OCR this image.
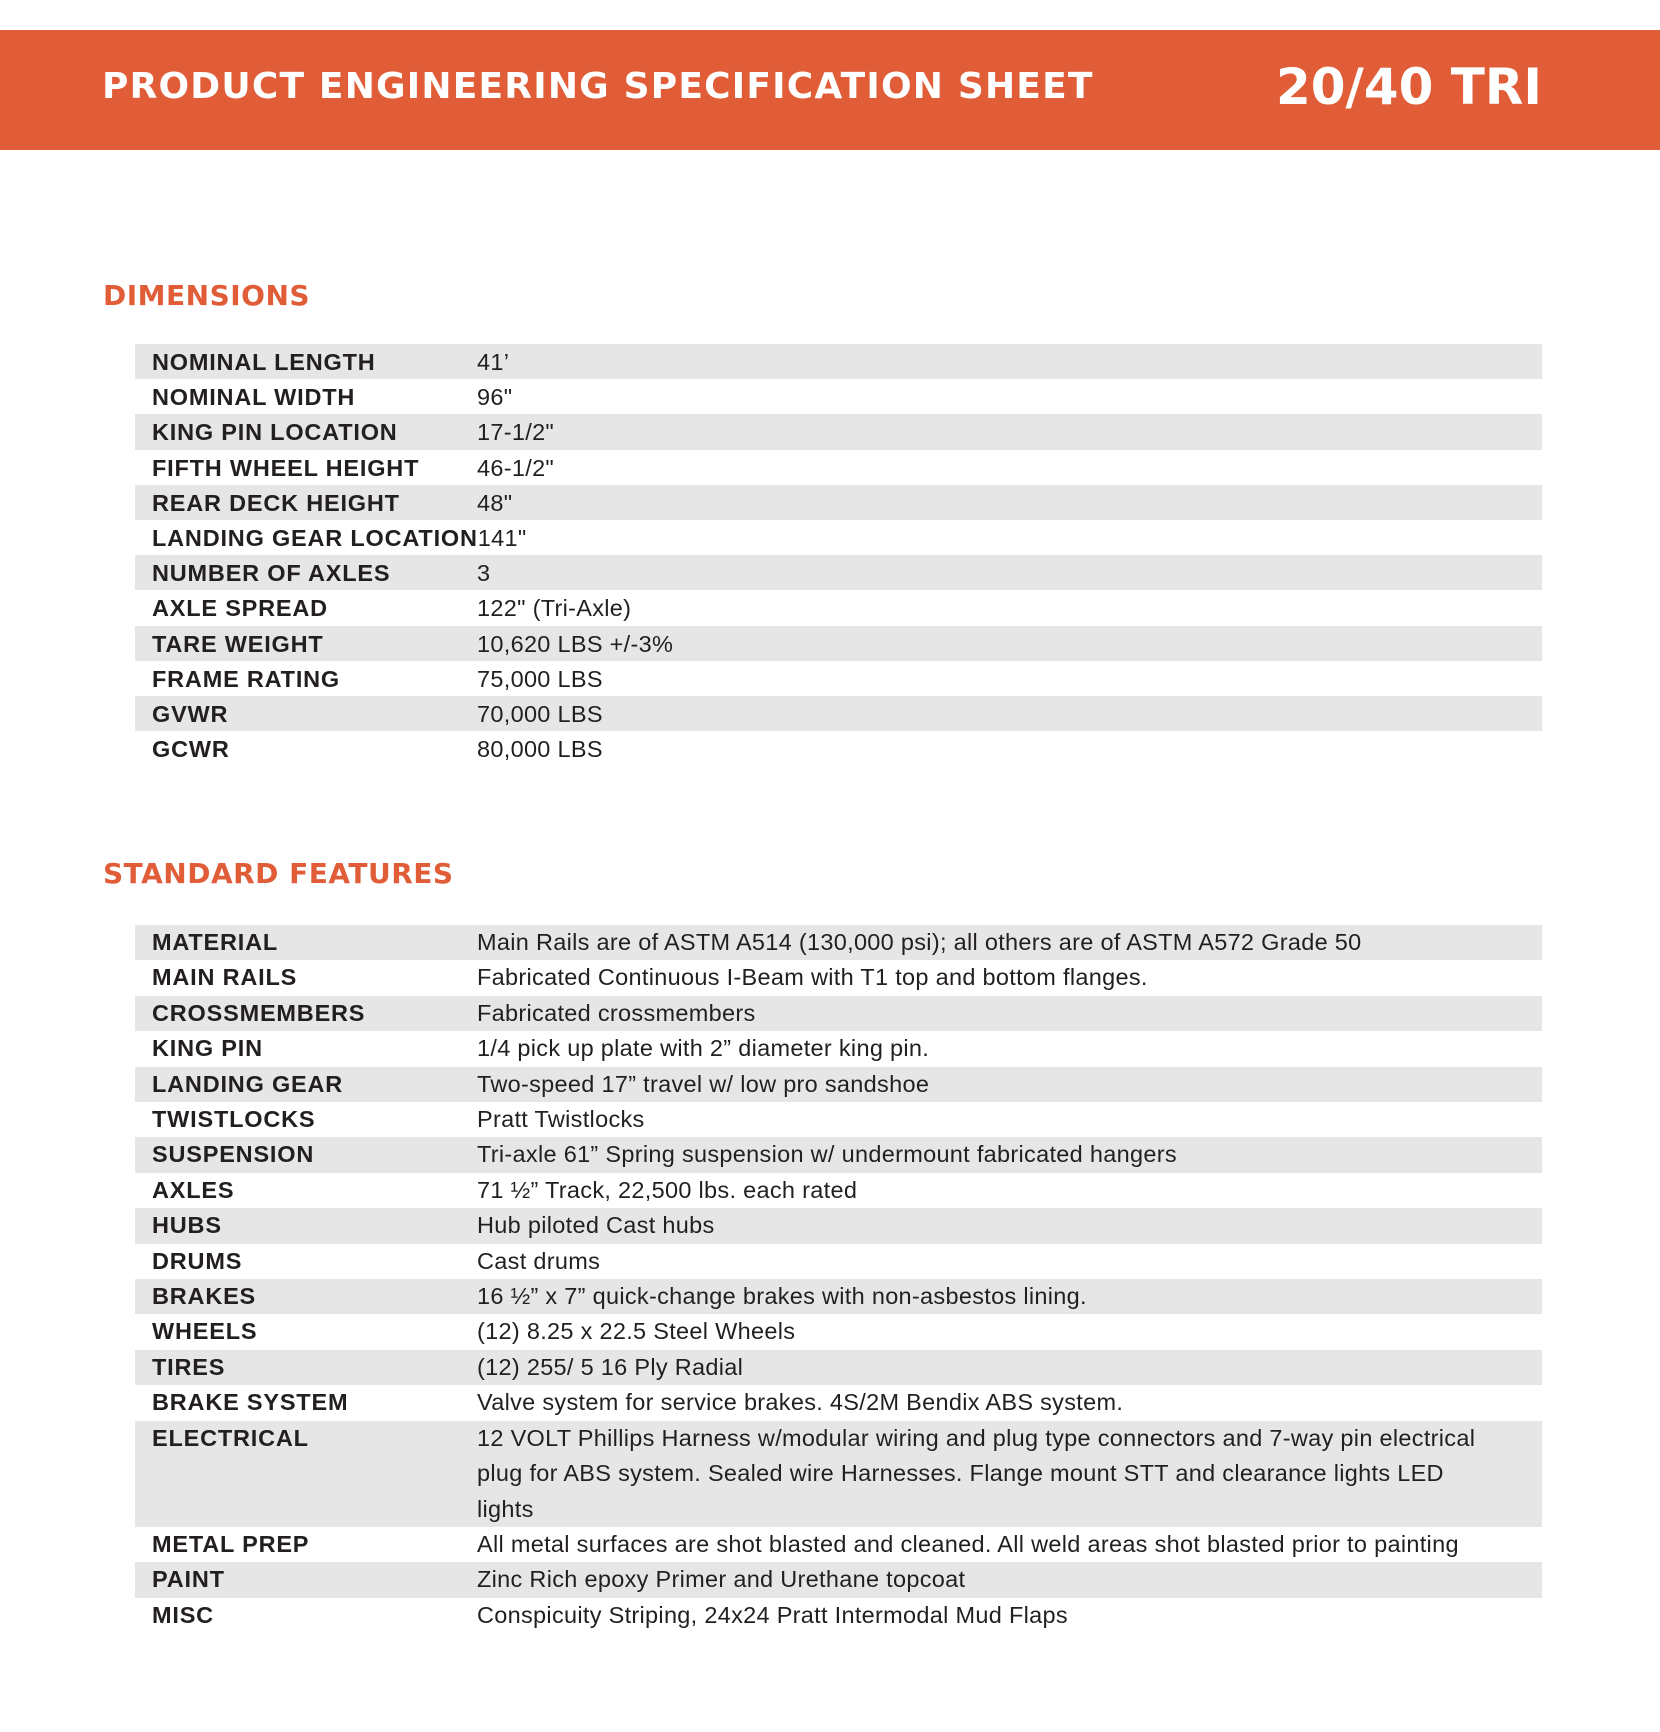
PRODUCT ENGINEERING SPECIFICATION SHEET	20/40 TRI
DIMENSIONS
NOMINAL LENGTH	41’
NOMINAL WIDTH	96"
KING PIN LOCATION	17-1/2"
FIFTH WHEEL HEIGHT	46-1/2"
REAR DECK HEIGHT	48"
LANDING GEAR LOCATION 141"
NUMBER OF AXLES	3
AXLE SPREAD	122" (Tri-Axle)
TARE WEIGHT	10,620 LBS +/-3%
FRAME RATING	75,000 LBS
GVWR	70,000 LBS
GCWR	80,000 LBS
STANDARD FEATURES
MATERIAL	Main Rails are of ASTM A514 (130,000 psi); all others are of ASTM A572 Grade 50
MAIN RAILS	Fabricated Continuous I-Beam with T1 top and bottom flanges.
CROSSMEMBERS	Fabricated crossmembers
KING PIN	1/4 pick up plate with 2” diameter king pin.
LANDING GEAR	Two-speed 17” travel w/ low pro sandshoe
TWISTLOCKS	Pratt Twistlocks
SUSPENSION	Tri-axle 61” Spring suspension w/ undermount fabricated hangers
AXLES	71 ½” Track, 22,500 lbs. each rated
HUBS	Hub piloted Cast hubs
DRUMS	Cast drums
BRAKES	16 ½” x 7” quick-change brakes with non-asbestos lining.
WHEELS	(12) 8.25 x 22.5 Steel Wheels
TIRES	(12) 255/ 5 16 Ply Radial
BRAKE SYSTEM	Valve system for service brakes. 4S/2M Bendix ABS system.
ELECTRICAL	12 VOLT Phillips Harness w/modular wiring and plug type connectors and 7-way pin electrical plug for ABS system. Sealed wire Harnesses. Flange mount STT and clearance lights LED lights
METAL PREP	All metal surfaces are shot blasted and cleaned. All weld areas shot blasted prior to painting
PAINT	Zinc Rich epoxy Primer and Urethane topcoat
MISC	Conspicuity Striping, 24x24 Pratt Intermodal Mud Flaps
